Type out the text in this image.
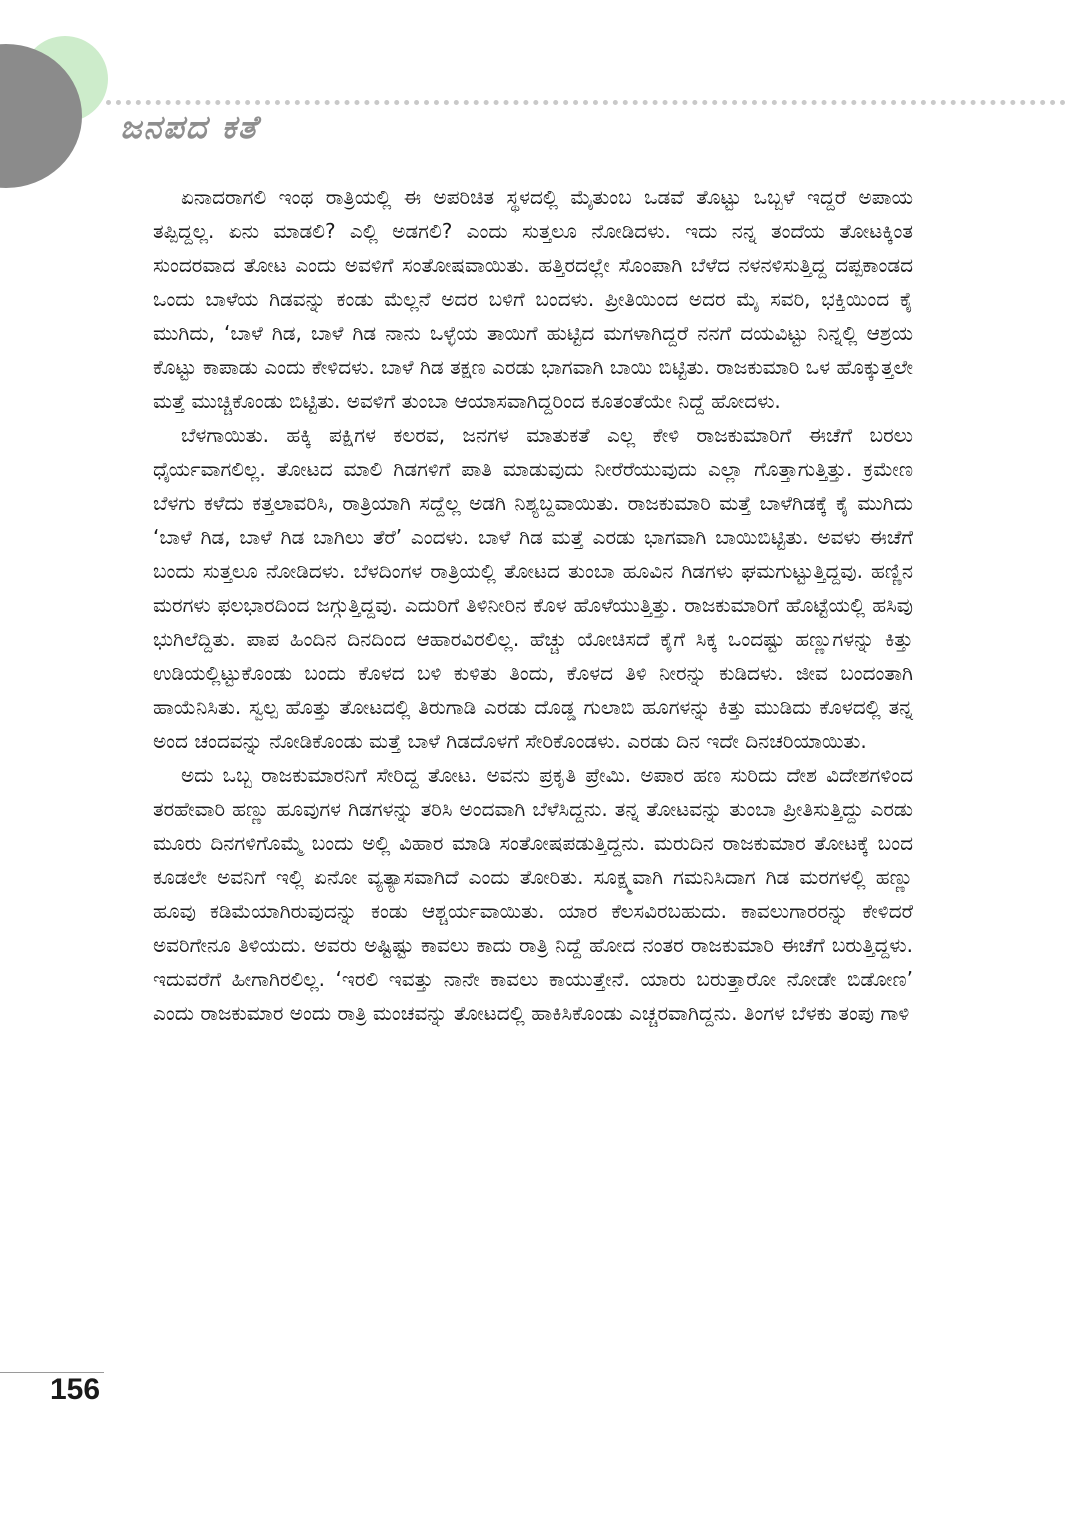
ಜನಪದ ಕತೆ

ಏನಾದರಾಗಲಿ ಇಂಥ ರಾತ್ರಿಯಲ್ಲಿ ಈ ಅಪರಿಚಿತ ಸ್ಥಳದಲ್ಲಿ ಮೈತುಂಬ ಒಡವೆ ತೊಟ್ಟು ಒಬ್ಬಳೆ ಇದ್ದರೆ ಅಪಾಯ ತಪ್ಪಿದ್ದಲ್ಲ. ಏನು ಮಾಡಲಿ? ಎಲ್ಲಿ ಅಡಗಲಿ? ಎಂದು ಸುತ್ತಲೂ ನೋಡಿದಳು. ಇದು ನನ್ನ ತಂದೆಯ ತೋಟಕ್ಕಿಂತ ಸುಂದರವಾದ ತೋಟ ಎಂದು ಅವಳಿಗೆ ಸಂತೋಷವಾಯಿತು. ಹತ್ತಿರದಲ್ಲೇ ಸೊಂಪಾಗಿ ಬೆಳೆದ ನಳನಳಿಸುತ್ತಿದ್ದ ದಪ್ಪಕಾಂಡದ ಒಂದು ಬಾಳೆಯ ಗಿಡವನ್ನು ಕಂಡು ಮೆಲ್ಲನೆ ಅದರ ಬಳಿಗೆ ಬಂದಳು. ಪ್ರೀತಿಯಿಂದ ಅದರ ಮೈ ಸವರಿ, ಭಕ್ತಿಯಿಂದ ಕೈ ಮುಗಿದು, ‘ಬಾಳೆ ಗಿಡ, ಬಾಳೆ ಗಿಡ ನಾನು ಒಳ್ಳೆಯ ತಾಯಿಗೆ ಹುಟ್ಟಿದ ಮಗಳಾಗಿದ್ದರೆ ನನಗೆ ದಯವಿಟ್ಟು ನಿನ್ನಲ್ಲಿ ಆಶ್ರಯ ಕೊಟ್ಟು ಕಾಪಾಡು ಎಂದು ಕೇಳಿದಳು. ಬಾಳೆ ಗಿಡ ತಕ್ಷಣ ಎರಡು ಭಾಗವಾಗಿ ಬಾಯಿ ಬಿಟ್ಟಿತು. ರಾಜಕುಮಾರಿ ಒಳ ಹೊಕ್ಕುತ್ತಲೇ ಮತ್ತೆ ಮುಚ್ಚಿಕೊಂಡು ಬಿಟ್ಟಿತು. ಅವಳಿಗೆ ತುಂಬಾ ಆಯಾಸವಾಗಿದ್ದರಿಂದ ಕೂತಂತೆಯೇ ನಿದ್ದೆ ಹೋದಳು.

ಬೆಳಗಾಯಿತು. ಹಕ್ಕಿ ಪಕ್ಷಿಗಳ ಕಲರವ, ಜನಗಳ ಮಾತುಕತೆ ಎಲ್ಲ ಕೇಳಿ ರಾಜಕುಮಾರಿಗೆ ಈಚೆಗೆ ಬರಲು ಧೈರ್ಯವಾಗಲಿಲ್ಲ. ತೋಟದ ಮಾಲಿ ಗಿಡಗಳಿಗೆ ಪಾತಿ ಮಾಡುವುದು ನೀರೆರೆಯುವುದು ಎಲ್ಲಾ ಗೊತ್ತಾಗುತ್ತಿತ್ತು. ಕ್ರಮೇಣ ಬೆಳಗು ಕಳೆದು ಕತ್ತಲಾವರಿಸಿ, ರಾತ್ರಿಯಾಗಿ ಸದ್ದೆಲ್ಲ ಅಡಗಿ ನಿಶ್ಯಬ್ದವಾಯಿತು. ರಾಜಕುಮಾರಿ ಮತ್ತೆ ಬಾಳೆಗಿಡಕ್ಕೆ ಕೈ ಮುಗಿದು ‘ಬಾಳೆ ಗಿಡ, ಬಾಳೆ ಗಿಡ ಬಾಗಿಲು ತೆರೆ’ ಎಂದಳು. ಬಾಳೆ ಗಿಡ ಮತ್ತೆ ಎರಡು ಭಾಗವಾಗಿ ಬಾಯಿಬಿಟ್ಟಿತು. ಅವಳು ಈಚೆಗೆ ಬಂದು ಸುತ್ತಲೂ ನೋಡಿದಳು. ಬೆಳದಿಂಗಳ ರಾತ್ರಿಯಲ್ಲಿ ತೋಟದ ತುಂಬಾ ಹೂವಿನ ಗಿಡಗಳು ಘಮಗುಟ್ಟುತ್ತಿದ್ದವು. ಹಣ್ಣಿನ ಮರಗಳು ಫಲಭಾರದಿಂದ ಜಗ್ಗುತ್ತಿದ್ದವು. ಎದುರಿಗೆ ತಿಳಿನೀರಿನ ಕೊಳ ಹೊಳೆಯುತ್ತಿತ್ತು. ರಾಜಕುಮಾರಿಗೆ ಹೊಟ್ಟೆಯಲ್ಲಿ ಹಸಿವು ಭುಗಿಲೆದ್ದಿತು. ಪಾಪ ಹಿಂದಿನ ದಿನದಿಂದ ಆಹಾರವಿರಲಿಲ್ಲ. ಹೆಚ್ಚು ಯೋಚಿಸದೆ ಕೈಗೆ ಸಿಕ್ಕ ಒಂದಷ್ಟು ಹಣ್ಣುಗಳನ್ನು ಕಿತ್ತು ಉಡಿಯಲ್ಲಿಟ್ಟುಕೊಂಡು ಬಂದು ಕೊಳದ ಬಳಿ ಕುಳಿತು ತಿಂದು, ಕೊಳದ ತಿಳಿ ನೀರನ್ನು ಕುಡಿದಳು. ಜೀವ ಬಂದಂತಾಗಿ ಹಾಯೆನಿಸಿತು. ಸ್ವಲ್ಪ ಹೊತ್ತು ತೋಟದಲ್ಲಿ ತಿರುಗಾಡಿ ಎರಡು ದೊಡ್ಡ ಗುಲಾಬಿ ಹೂಗಳನ್ನು ಕಿತ್ತು ಮುಡಿದು ಕೊಳದಲ್ಲಿ ತನ್ನ ಅಂದ ಚಂದವನ್ನು ನೋಡಿಕೊಂಡು ಮತ್ತೆ ಬಾಳೆ ಗಿಡದೊಳಗೆ ಸೇರಿಕೊಂಡಳು. ಎರಡು ದಿನ ಇದೇ ದಿನಚರಿಯಾಯಿತು.

ಅದು ಒಬ್ಬ ರಾಜಕುಮಾರನಿಗೆ ಸೇರಿದ್ದ ತೋಟ. ಅವನು ಪ್ರಕೃತಿ ಪ್ರೇಮಿ. ಅಪಾರ ಹಣ ಸುರಿದು ದೇಶ ವಿದೇಶಗಳಿಂದ ತರಹೇವಾರಿ ಹಣ್ಣು ಹೂವುಗಳ ಗಿಡಗಳನ್ನು ತರಿಸಿ ಅಂದವಾಗಿ ಬೆಳೆಸಿದ್ದನು. ತನ್ನ ತೋಟವನ್ನು ತುಂಬಾ ಪ್ರೀತಿಸುತ್ತಿದ್ದು ಎರಡು ಮೂರು ದಿನಗಳಿಗೊಮ್ಮೆ ಬಂದು ಅಲ್ಲಿ ವಿಹಾರ ಮಾಡಿ ಸಂತೋಷಪಡುತ್ತಿದ್ದನು. ಮರುದಿನ ರಾಜಕುಮಾರ ತೋಟಕ್ಕೆ ಬಂದ ಕೂಡಲೇ ಅವನಿಗೆ ಇಲ್ಲಿ ಏನೋ ವ್ಯತ್ಯಾಸವಾಗಿದೆ ಎಂದು ತೋರಿತು. ಸೂಕ್ಷ್ಮವಾಗಿ ಗಮನಿಸಿದಾಗ ಗಿಡ ಮರಗಳಲ್ಲಿ ಹಣ್ಣು ಹೂವು ಕಡಿಮೆಯಾಗಿರುವುದನ್ನು ಕಂಡು ಆಶ್ಚರ್ಯವಾಯಿತು. ಯಾರ ಕೆಲಸವಿರಬಹುದು. ಕಾವಲುಗಾರರನ್ನು ಕೇಳಿದರೆ ಅವರಿಗೇನೂ ತಿಳಿಯದು. ಅವರು ಅಷ್ಟಿಷ್ಟು ಕಾವಲು ಕಾದು ರಾತ್ರಿ ನಿದ್ದೆ ಹೋದ ನಂತರ ರಾಜಕುಮಾರಿ ಈಚೆಗೆ ಬರುತ್ತಿದ್ದಳು. ಇದುವರೆಗೆ ಹೀಗಾಗಿರಲಿಲ್ಲ. ‘ಇರಲಿ ಇವತ್ತು ನಾನೇ ಕಾವಲು ಕಾಯುತ್ತೇನೆ. ಯಾರು ಬರುತ್ತಾರೋ ನೋಡೇ ಬಿಡೋಣ’ ಎಂದು ರಾಜಕುಮಾರ ಅಂದು ರಾತ್ರಿ ಮಂಚವನ್ನು ತೋಟದಲ್ಲಿ ಹಾಕಿಸಿಕೊಂಡು ಎಚ್ಚರವಾಗಿದ್ದನು. ತಿಂಗಳ ಬೆಳಕು ತಂಪು ಗಾಳಿ

156
